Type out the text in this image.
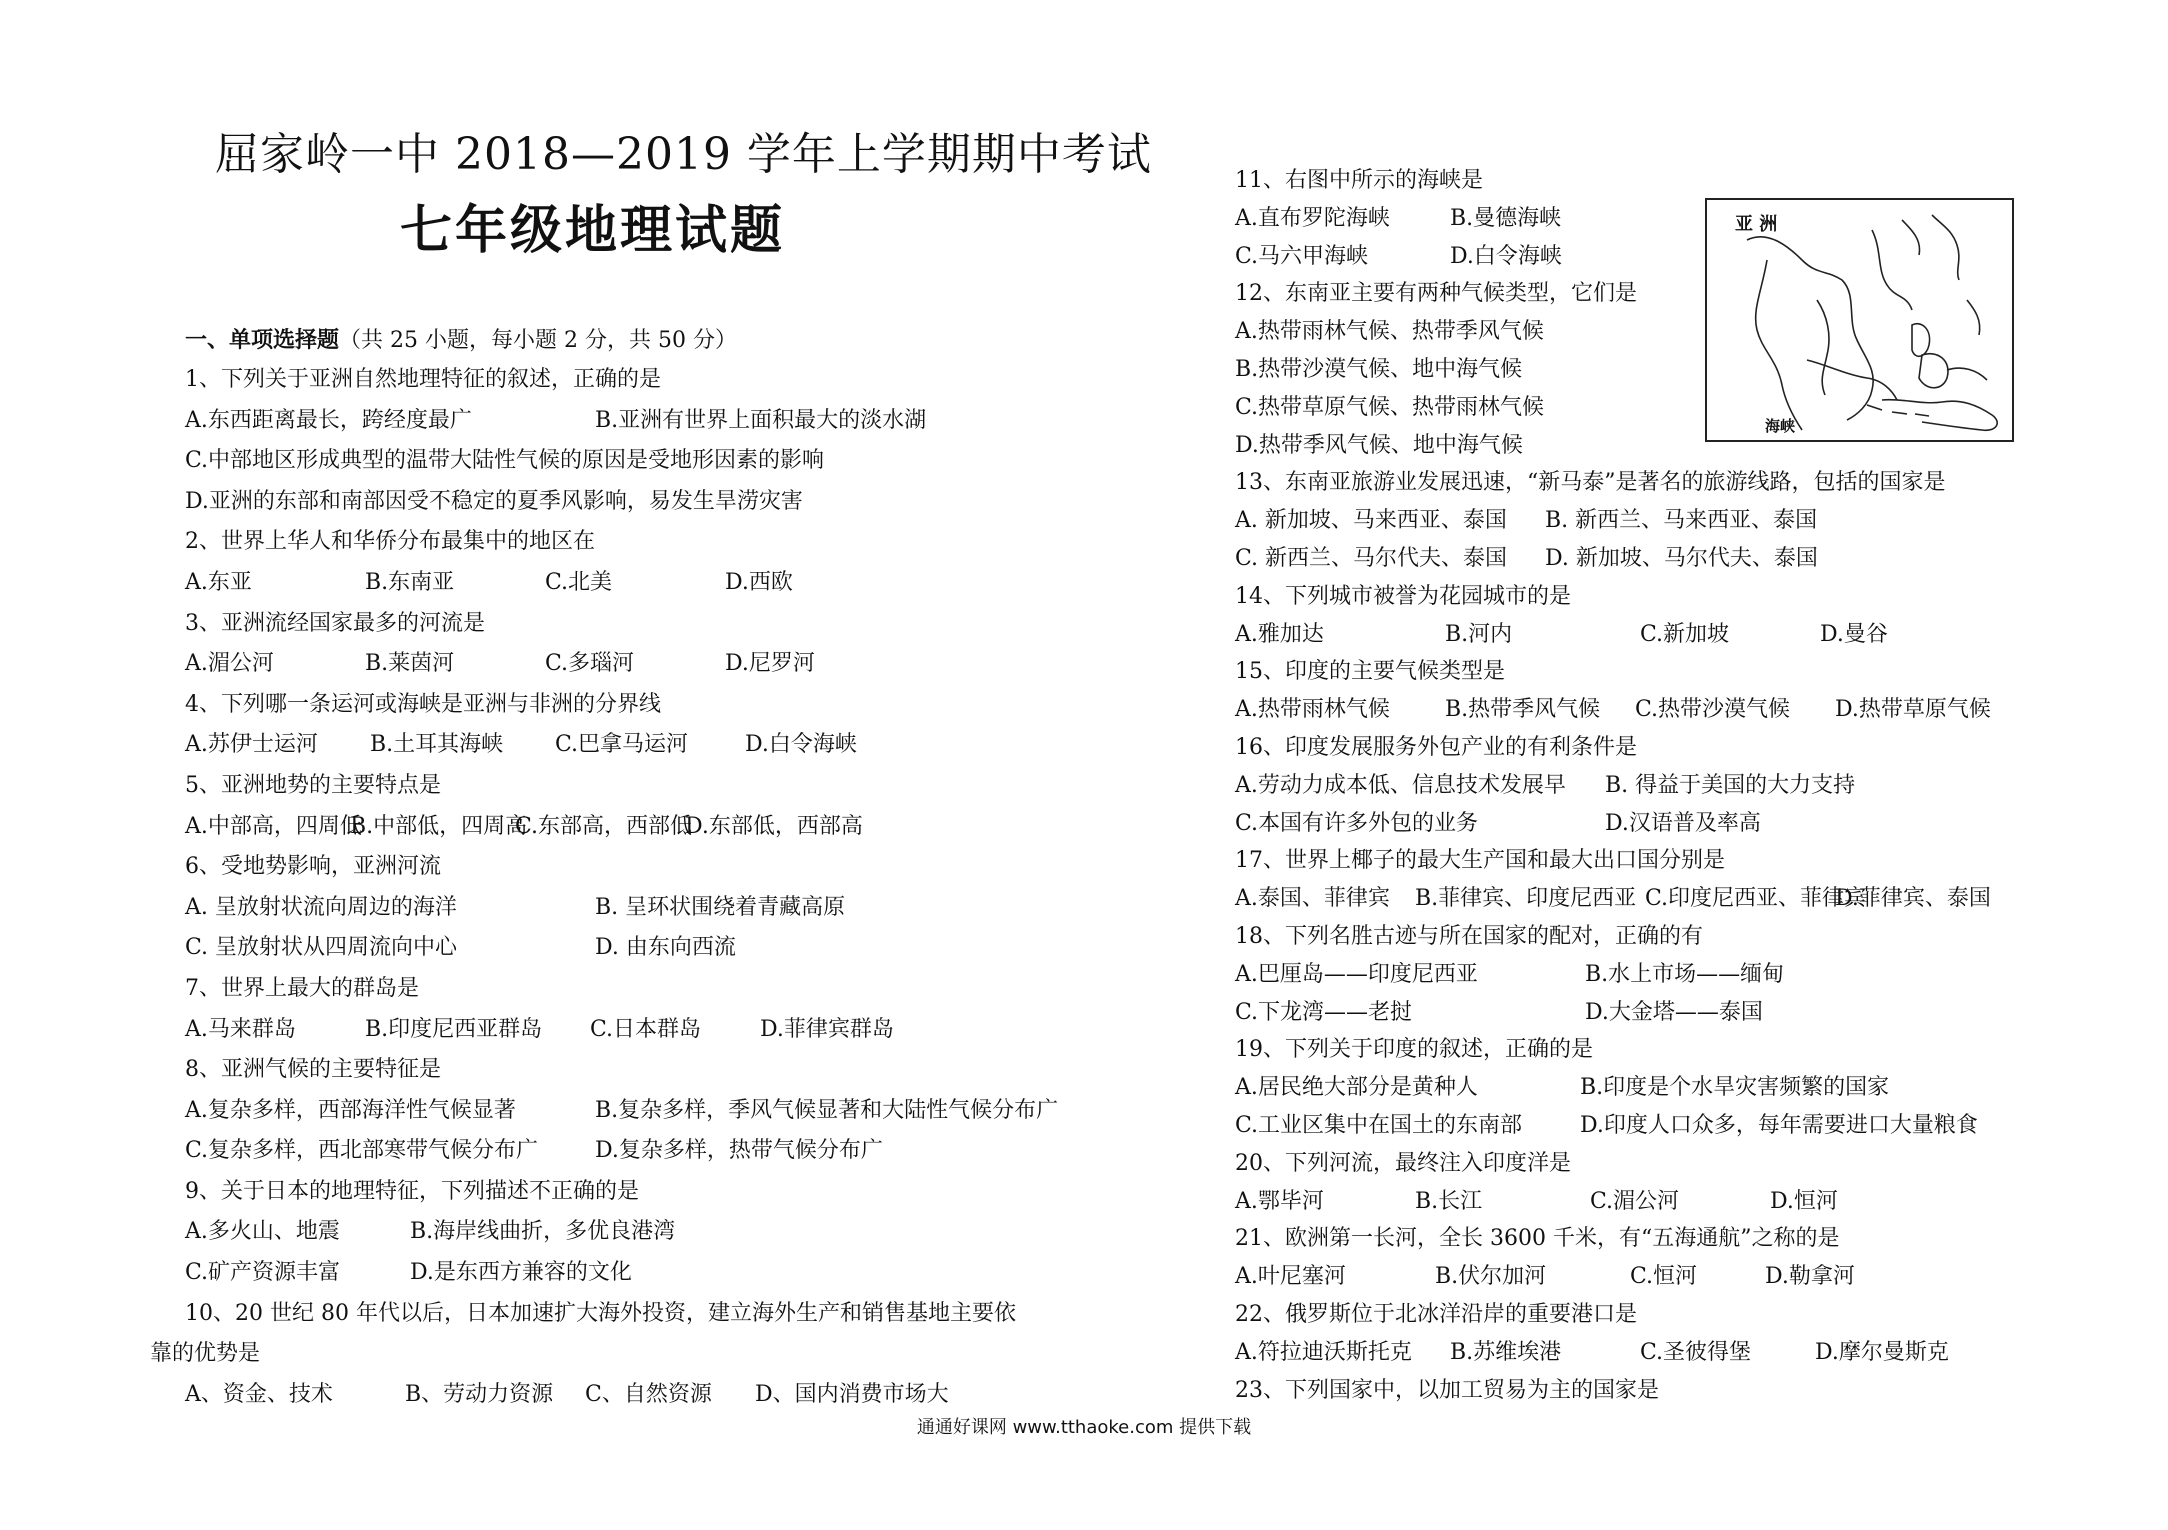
屈家岭一中 2018—2019 学年上学期期中考试
七年级地理试题
一、单项选择题（共 25 小题，每小题 2 分，共 50 分）
1、下列关于亚洲自然地理特征的叙述，正确的是
A.东西距离最长，跨经度最广	B.亚洲有世界上面积最大的淡水湖
C.中部地区形成典型的温带大陆性气候的原因是受地形因素的影响
D.亚洲的东部和南部因受不稳定的夏季风影响，易发生旱涝灾害
2、世界上华人和华侨分布最集中的地区在
A.东亚	B.东南亚	C.北美	D.西欧
3、亚洲流经国家最多的河流是
A.湄公河	B.莱茵河	C.多瑙河	D.尼罗河
4、下列哪一条运河或海峡是亚洲与非洲的分界线
A.苏伊士运河 B.土耳其海峡 C.巴拿马运河	D.白令海峡
5、亚洲地势的主要特点是
A.中部高，四周低
B.中部低，四周高
C.东部高，西部低
D.东部低，西部高
6、受地势影响，亚洲河流
A. 呈放射状流向周边的海洋	B. 呈环状围绕着青藏高原
C. 呈放射状从四周流向中心	D. 由东向西流
7、世界上最大的群岛是
A.马来群岛	B.印度尼西亚群岛 C.日本群岛	D.菲律宾群岛
8、亚洲气候的主要特征是
A.复杂多样，西部海洋性气候显著	B.复杂多样，季风气候显著和大陆性气候分布广
C.复杂多样，西北部寒带气候分布广	D.复杂多样，热带气候分布广
9、关于日本的地理特征，下列描述不正确的是
A.多火山、地震	B.海岸线曲折，多优良港湾
C.矿产资源丰富	D.是东西方兼容的文化
10、20 世纪 80 年代以后，日本加速扩大海外投资，建立海外生产和销售基地主要依
靠的优势是
A、资金、技术	B、劳动力资源 C、自然资源 D、国内消费市场大
11、右图中所示的海峡是
A.直布罗陀海峡	B.曼德海峡
C.马六甲海峡	D.白令海峡
12、东南亚主要有两种气候类型，它们是
A.热带雨林气候、热带季风气候
B.热带沙漠气候、地中海气候
C.热带草原气候、热带雨林气候
D.热带季风气候、地中海气候
13、东南亚旅游业发展迅速，“新马泰”是著名的旅游线路，包括的国家是
A. 新加坡、马来西亚、泰国 B. 新西兰、马来西亚、泰国
C. 新西兰、马尔代夫、泰国 D. 新加坡、马尔代夫、泰国
14、下列城市被誉为花园城市的是
A.雅加达	B.河内	C.新加坡	D.曼谷
15、印度的主要气候类型是
A.热带雨林气候	B.热带季风气候 C.热带沙漠气候 D.热带草原气候
16、印度发展服务外包产业的有利条件是
A.劳动力成本低、信息技术发展早 B. 得益于美国的大力支持
C.本国有许多外包的业务	D.汉语普及率高
17、世界上椰子的最大生产国和最大出口国分别是
A.泰国、菲律宾 B.菲律宾、印度尼西亚 C.印度尼西亚、菲律宾
D.菲律宾、泰国
18、下列名胜古迹与所在国家的配对，正确的有
A.巴厘岛——印度尼西亚	B.水上市场——缅甸
C.下龙湾——老挝	D.大金塔——泰国
19、下列关于印度的叙述，正确的是
A.居民绝大部分是黄种人	B.印度是个水旱灾害频繁的国家
C.工业区集中在国土的东南部	D.印度人口众多，每年需要进口大量粮食
20、下列河流，最终注入印度洋是
A.鄂毕河	B.长江	C.湄公河	D.恒河
21、欧洲第一长河，全长 3600 千米，有“五海通航”之称的是
A.叶尼塞河	B.伏尔加河	C.恒河	D.勒拿河
22、俄罗斯位于北冰洋沿岸的重要港口是
A.符拉迪沃斯托克 B.苏维埃港	C.圣彼得堡	D.摩尔曼斯克
23、下列国家中，以加工贸易为主的国家是
亚 洲
海峡
通通好课网 www.tthaoke.com 提供下载
